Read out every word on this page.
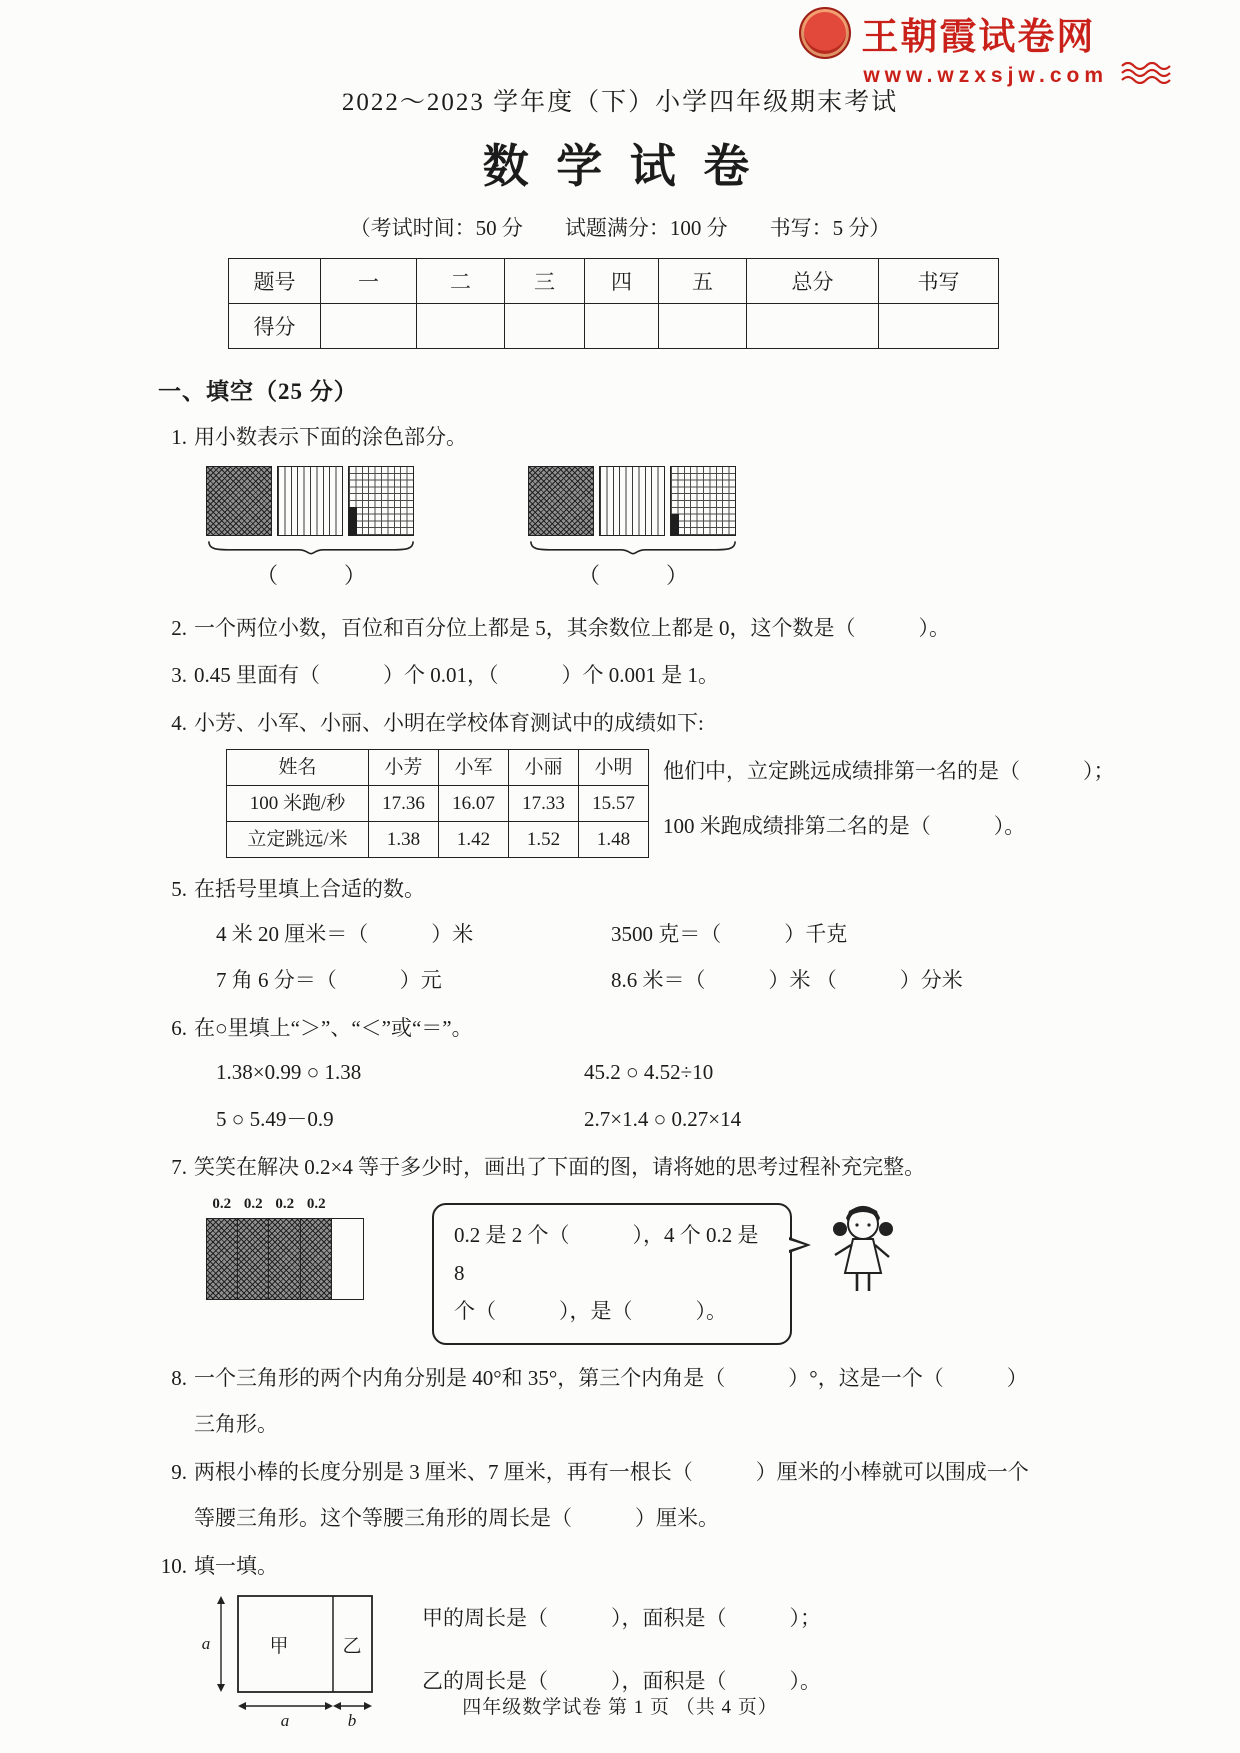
王朝霞试卷网
www.wzxsjw.com
2022～2023 学年度（下）小学四年级期末考试
数 学 试 卷
（考试时间：50 分　　试题满分：100 分　　书写：5 分）
题号	一	二	三	四	五	总分	书写
得分							
一、填空（25 分）
1. 用小数表示下面的涂色部分。
（　　　）	（　　　）
2. 一个两位小数，百位和百分位上都是 5，其余数位上都是 0，这个数是（　　　）。
3. 0.45 里面有（　　　）个 0.01，（　　　）个 0.001 是 1。
4. 小芳、小军、小丽、小明在学校体育测试中的成绩如下:
姓名	小芳	小军	小丽	小明
100 米跑/秒	17.36	16.07	17.33	15.57
立定跳远/米	1.38	1.42	1.52	1.48
他们中，立定跳远成绩排第一名的是（　　　）；
100 米跑成绩排第二名的是（　　　）。
5. 在括号里填上合适的数。
4 米 20 厘米＝（　　　）米	3500 克＝（　　　）千克
7 角 6 分＝（　　　）元	8.6 米＝（　　　）米 （　　　）分米
6. 在○里填上“＞”、“＜”或“＝”。
1.38×0.99 ○ 1.38	45.2 ○ 4.52÷10
5 ○ 5.49－0.9	2.7×1.4 ○ 0.27×14
7. 笑笑在解决 0.2×4 等于多少时，画出了下面的图，请将她的思考过程补充完整。
0.2 0.2 0.2 0.2
0.2 是 2 个（　　　），4 个 0.2 是 8
个（　　　），是（　　　）。
8. 一个三角形的两个内角分别是 40°和 35°，第三个内角是（　　　）°，这是一个（　　　）
三角形。
9. 两根小棒的长度分别是 3 厘米、7 厘米，再有一根长（　　　）厘米的小棒就可以围成一个
等腰三角形。这个等腰三角形的周长是（　　　）厘米。
10. 填一填。
甲	乙
a
a	b
甲的周长是（　　　），面积是（　　　）；
乙的周长是（　　　），面积是（　　　）。
四年级数学试卷 第 1 页 （共 4 页）
